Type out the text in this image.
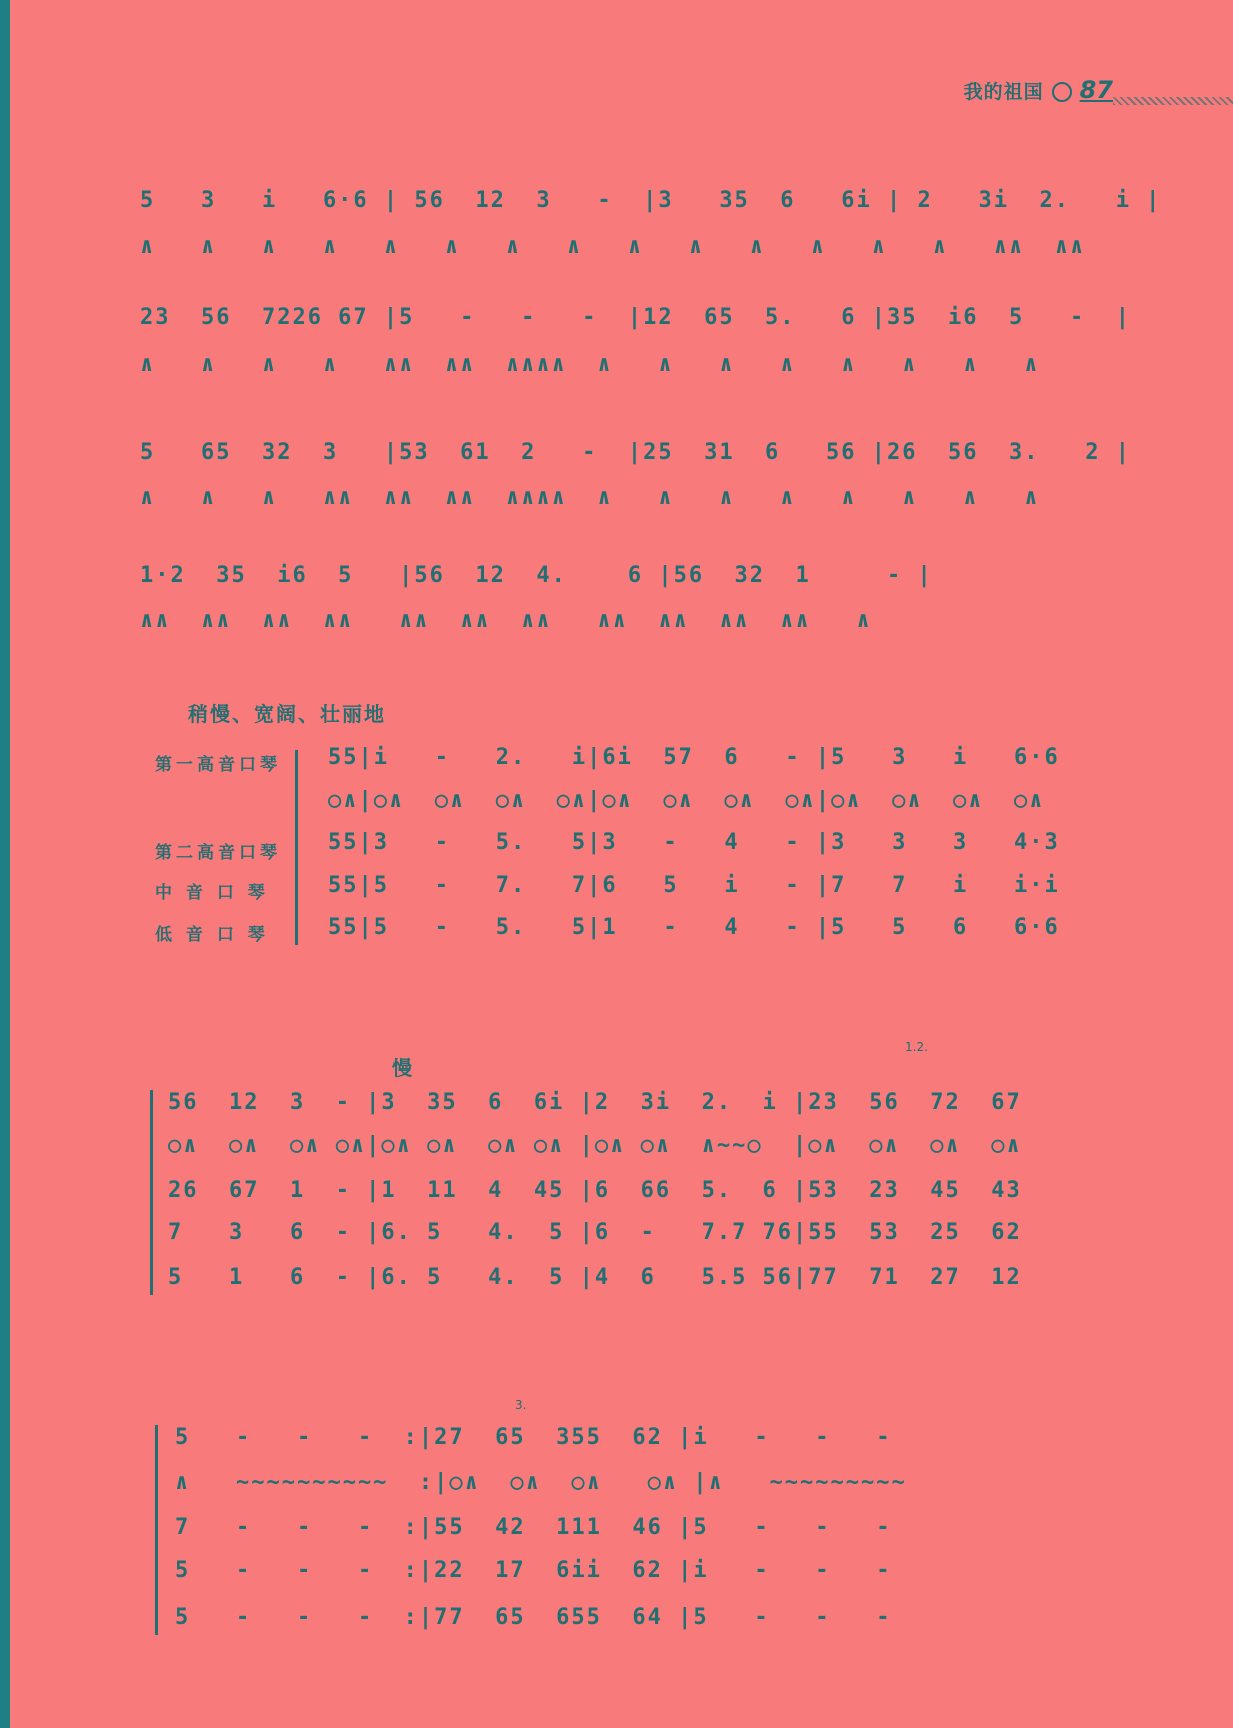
我的祖国 87
5   3   i   6·6 | 56  12  3   -  |3   35  6   6i | 2   3i  2.   i |
∧   ∧   ∧   ∧   ∧   ∧   ∧   ∧   ∧   ∧   ∧   ∧   ∧   ∧   ∧∧  ∧∧
23  56  7226 67 |5   -   -   -  |12  65  5.   6 |35  i6  5   -  |
∧   ∧   ∧   ∧   ∧∧  ∧∧  ∧∧∧∧  ∧   ∧   ∧   ∧   ∧   ∧   ∧   ∧
5   65  32  3   |53  61  2   -  |25  31  6   56 |26  56  3.   2 |
∧   ∧   ∧   ∧∧  ∧∧  ∧∧  ∧∧∧∧  ∧   ∧   ∧   ∧   ∧   ∧   ∧   ∧
1·2  35  i6  5   |56  12  4.    6 |56  32  1     - |
∧∧  ∧∧  ∧∧  ∧∧   ∧∧  ∧∧  ∧∧   ∧∧  ∧∧  ∧∧  ∧∧   ∧
稍慢、宽阔、壮丽地
第一高音口琴
第二高音口琴
中 音 口 琴
低 音 口 琴
55|i   -   2.   i|6i  57  6   - |5   3   i   6·6
○∧|○∧  ○∧  ○∧  ○∧|○∧  ○∧  ○∧  ○∧|○∧  ○∧  ○∧  ○∧
55|3   -   5.   5|3   -   4   - |3   3   3   4·3
55|5   -   7.   7|6   5   i   - |7   7   i   i·i
55|5   -   5.   5|1   -   4   - |5   5   6   6·6
慢
1.2.
56  12  3  - |3  35  6  6i |2  3i  2.  i |23  56  72  67
○∧  ○∧  ○∧ ○∧|○∧ ○∧  ○∧ ○∧ |○∧ ○∧  ∧~~○  |○∧  ○∧  ○∧  ○∧
26  67  1  - |1  11  4  45 |6  66  5.  6 |53  23  45  43
7   3   6  - |6. 5   4.  5 |6  -   7.7 76|55  53  25  62
5   1   6  - |6. 5   4.  5 |4  6   5.5 56|77  71  27  12
3.
5   -   -   -  :|27  65  355  62 |i   -   -   -
∧   ~~~~~~~~~~  :|○∧  ○∧  ○∧   ○∧ |∧   ~~~~~~~~~
7   -   -   -  :|55  42  111  46 |5   -   -   -
5   -   -   -  :|22  17  6ii  62 |i   -   -   -
5   -   -   -  :|77  65  655  64 |5   -   -   -
